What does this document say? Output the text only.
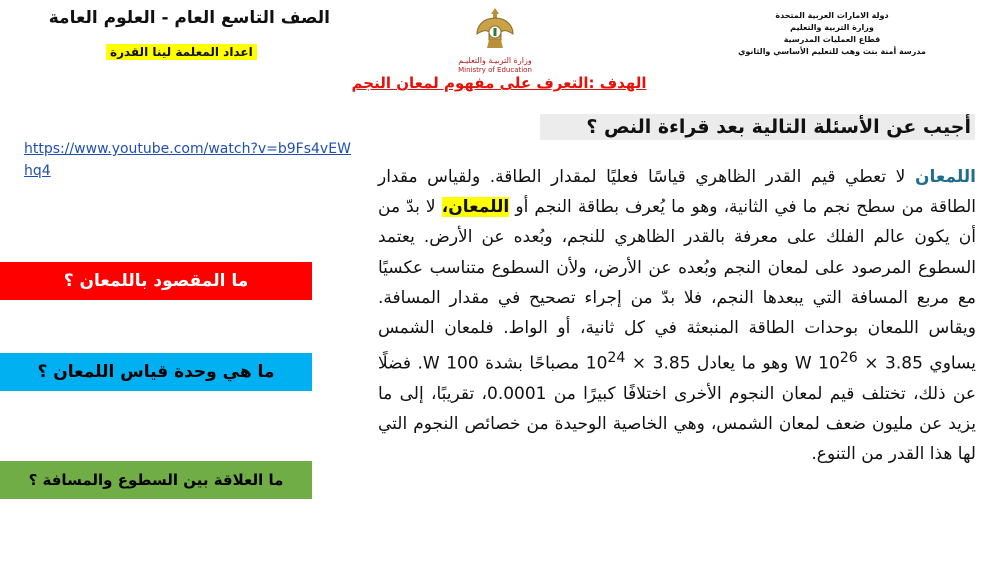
الصف التاسع العام - العلوم العامة
اعداد المعلمة لينا القدرة
وزارة التربيـة والتعليـم
Ministry of Education
دولة الامارات العربية المتحدة
وزارة التربية والتعليم
قطاع العمليات المدرسية
مدرسة أمنة بنت وهب للتعليم الأساسي والثانوي
الهدف :التعرف على مفهوم لمعان النجم
أجيب عن الأسئلة التالية بعد قراءة النص ؟
https://www.youtube.com/watch?v=b9Fs4vEWhq4	اللمعان لا تعطي قيم القدر الظاهري قياسًا فعليًا لمقدار الطاقة. ولقياس مقدار الطاقة من سطح نجم ما في الثانية، وهو ما يُعرف بطاقة النجم أو اللمعان، لا بدّ من أن يكون عالم الفلك على معرفة بالقدر الظاهري للنجم، وبُعده عن الأرض. يعتمد السطوع المرصود على لمعان النجم وبُعده عن الأرض، ولأن السطوع متناسب عكسيًا مع مربع المسافة التي يبعدها النجم، فلا بدّ من إجراء تصحيح في مقدار المسافة. ويقاس اللمعان بوحدات الطاقة المنبعثة في كل ثانية، أو الواط. فلمعان الشمس يساوي $3.85 \times 10^{26}$ W وهو ما يعادل $3.85 \times 10^{24}$ مصباحًا بشدة W 100. فضلًا عن ذلك، تختلف قيم لمعان النجوم الأخرى اختلافًا كبيرًا من 0.0001، تقريبًا، إلى ما يزيد عن مليون ضعف لمعان الشمس، وهي الخاصية الوحيدة من خصائص النجوم التي لها هذا القدر من التنوع.
ما المقصود باللمعان ؟
ما هي وحدة قياس اللمعان ؟
ما العلاقة بين السطوع والمسافة ؟
